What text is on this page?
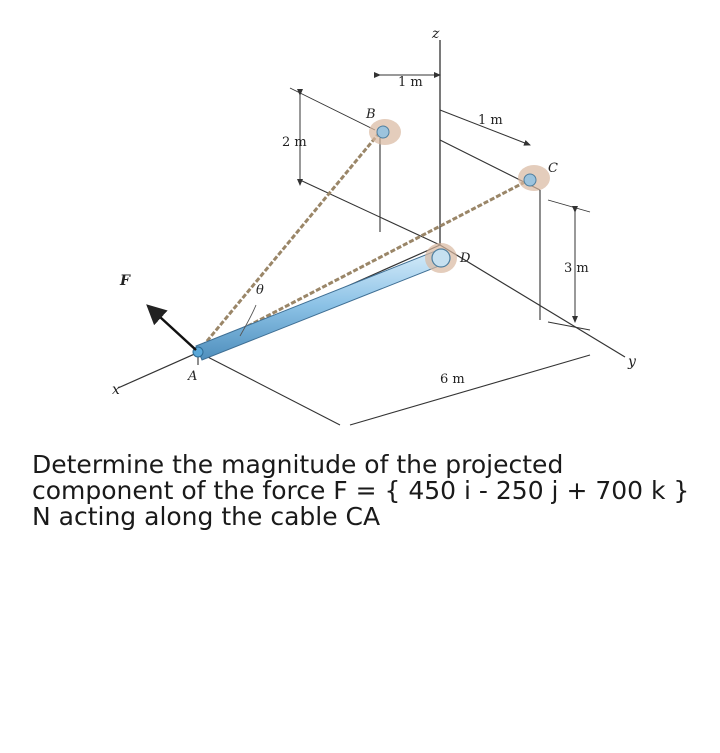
z
x
y
A
B
C
D
F
θ
1 m
1 m
2 m
3 m
6 m
Determine the magnitude of the projected component of the force F = { 450 i - 250 j + 700 k } N acting along the cable CA
